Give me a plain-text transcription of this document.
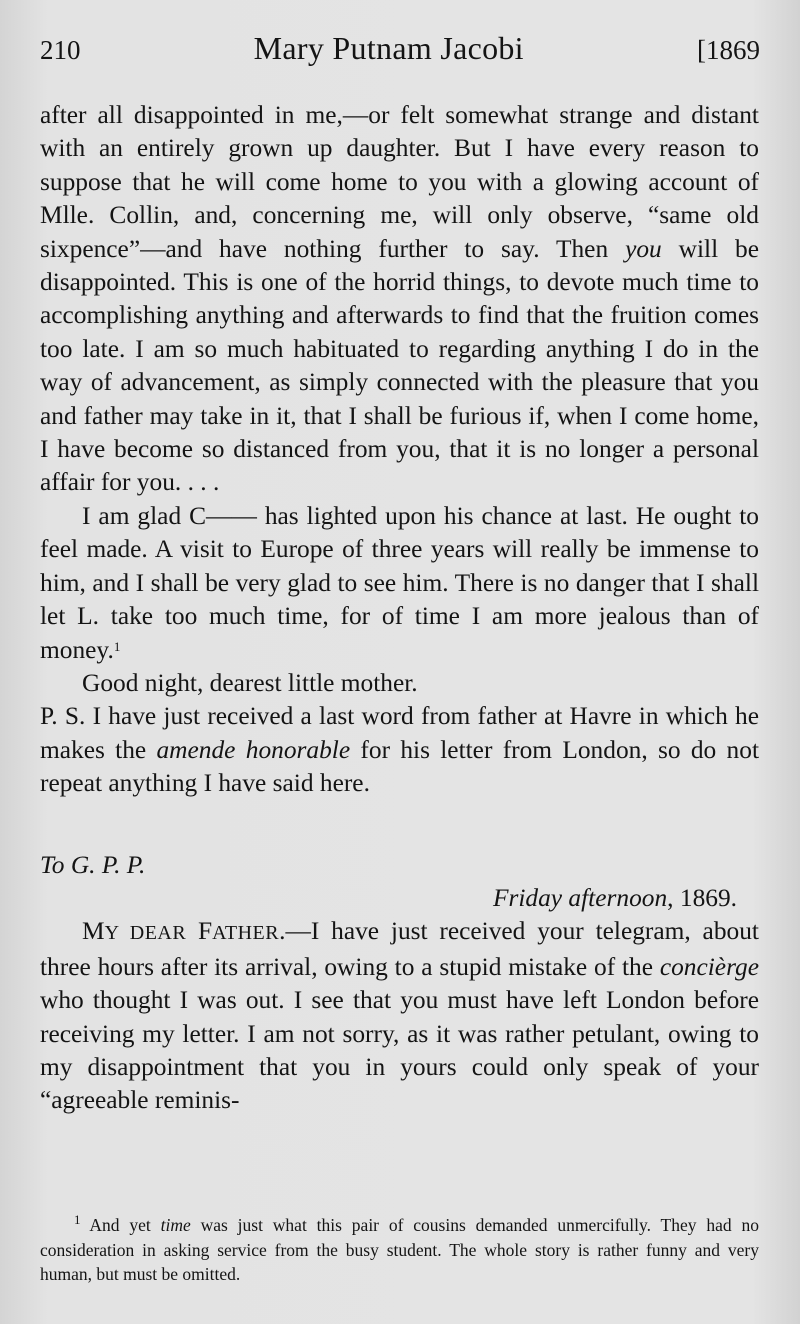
210	Mary Putnam Jacobi	[1869

after all disappointed in me,—or felt somewhat strange and distant with an entirely grown up daughter. But I have every reason to suppose that he will come home to you with a glowing account of Mlle. Collin, and, concerning me, will only observe, “same old sixpence”—and have nothing further to say. Then you will be disappointed. This is one of the horrid things, to devote much time to accomplishing anything and afterwards to find that the fruition comes too late. I am so much habituated to regarding anything I do in the way of advancement, as simply connected with the pleasure that you and father may take in it, that I shall be furious if, when I come home, I have become so distanced from you, that it is no longer a personal affair for you. . . .

I am glad C—— has lighted upon his chance at last. He ought to feel made. A visit to Europe of three years will really be immense to him, and I shall be very glad to see him. There is no danger that I shall let L. take too much time, for of time I am more jealous than of money.$^1$

Good night, dearest little mother.

P. S. I have just received a last word from father at Havre in which he makes the amende honorable for his letter from London, so do not repeat anything I have said here.

To G. P. P.

Friday afternoon, 1869.

MY DEAR FATHER.—I have just received your telegram, about three hours after its arrival, owing to a stupid mistake of the concièrge who thought I was out. I see that you must have left London before receiving my letter. I am not sorry, as it was rather petulant, owing to my disappointment that you in yours could only speak of your “agreeable reminis-

$^1$ And yet time was just what this pair of cousins demanded unmercifully. They had no consideration in asking service from the busy student. The whole story is rather funny and very human, but must be omitted.
